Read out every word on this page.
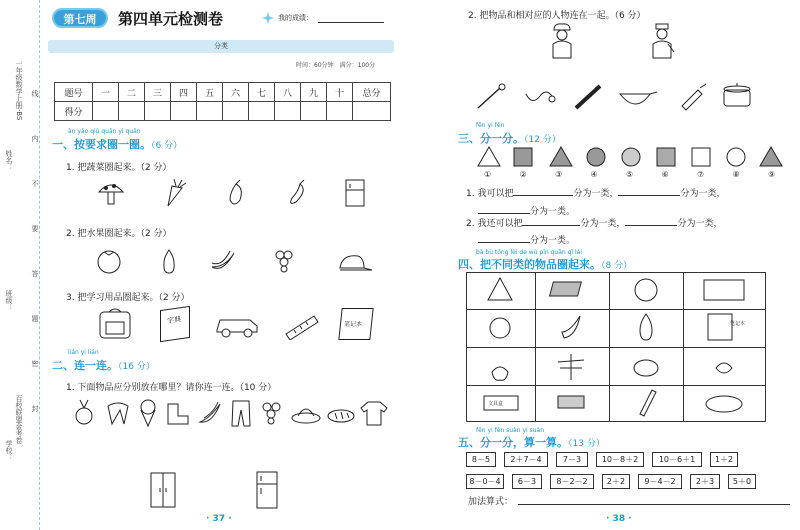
百校联盟金考卷
一年级数学上册·BS
姓名：
班级：
学校：
线
内
不
要
答
题
密
封
第七周	第四单元检测卷	我的成绩：
分类
时间：60分钟　满分：100分
题号	一	二	三	四	五	六	七	八	九	十	总分
得分											
àn yāo qiú quān yi quān
一、按要求圈一圈。（6 分）
1. 把蔬菜圈起来。（2 分）
2. 把水果圈起来。（2 分）
3. 把学习用品圈起来。（2 分）
字典	笔记本
lián yi lián
二、连一连。（16 分）
1. 下面物品应分别放在哪里？请你连一连。（10 分）
· 37 ·
2. 把物品和相对应的人物连在一起。（6 分）
fēn yi fēn
三、分一分。（12 分）
①	②	③	④	⑤	⑥	⑦	⑧	⑨
1. 我可以把	分为一类，	分为一类，
分为一类。
2. 我还可以把	分为一类，	分为一类，
分为一类。
bǎ bù tóng lèi de wù pǐn quān qǐ lái
四、把不同类的物品圈起来。（8 分）
笔记本
文具盒
fēn yi fēn suàn yi suàn
五、分一分，算一算。（13 分）
8－5	2＋7－4	7－3	10－8＋2	10－6＋1	1＋2
8－0－4	6－3	8－2－2	2＋2	9－4－2	2＋3	5＋0
加法算式：
· 38 ·
